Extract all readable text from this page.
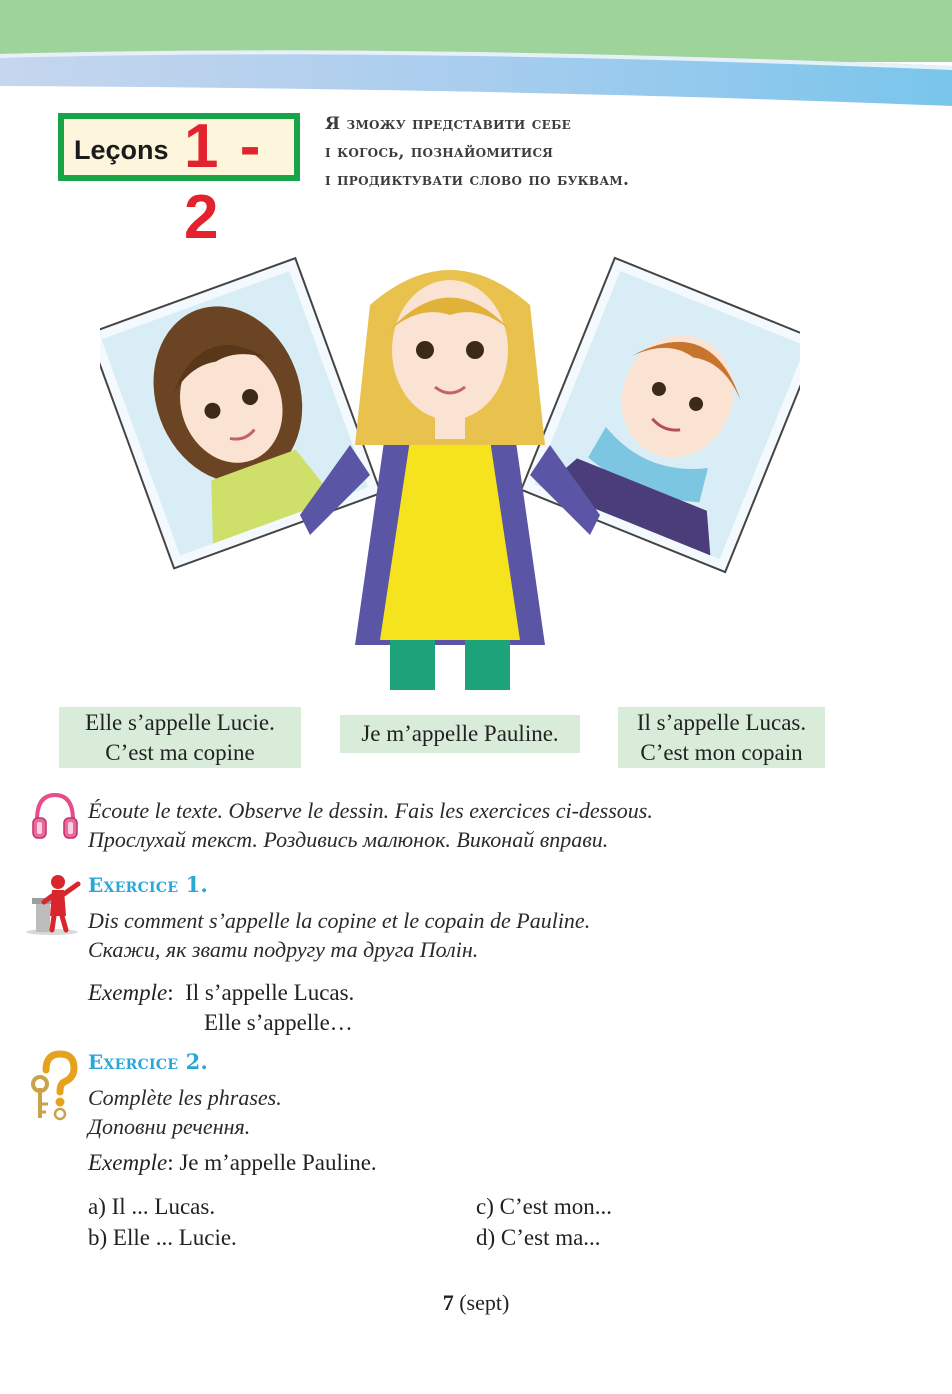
Leçons 1 - 2
Я зможу представити себе
і когось, познайомитися
і продиктувати слово по буквам.
Elle s’appelle Lucie.
C’est ma copine
Je m’appelle Pauline.	Il s’appelle Lucas.
C’est mon copain
Écoute le texte. Observe le dessin. Fais les exercices ci-dessous.
Прослухай текст. Роздивись малюнок. Виконай вправи.
Exercice 1.
Dis comment s’appelle la copine et le copain de Pauline.
Скажи, як звати подругу та друга Полін.
Exemple:  Il s’appelle Lucas.
Elle s’appelle…
Exercice 2.
Complète les phrases.
Доповни речення.
Exemple: Je m’appelle Pauline.
a) Il ... Lucas.
b) Elle ... Lucie.
c) C’est mon...
d) C’est ma...
7 (sept)
